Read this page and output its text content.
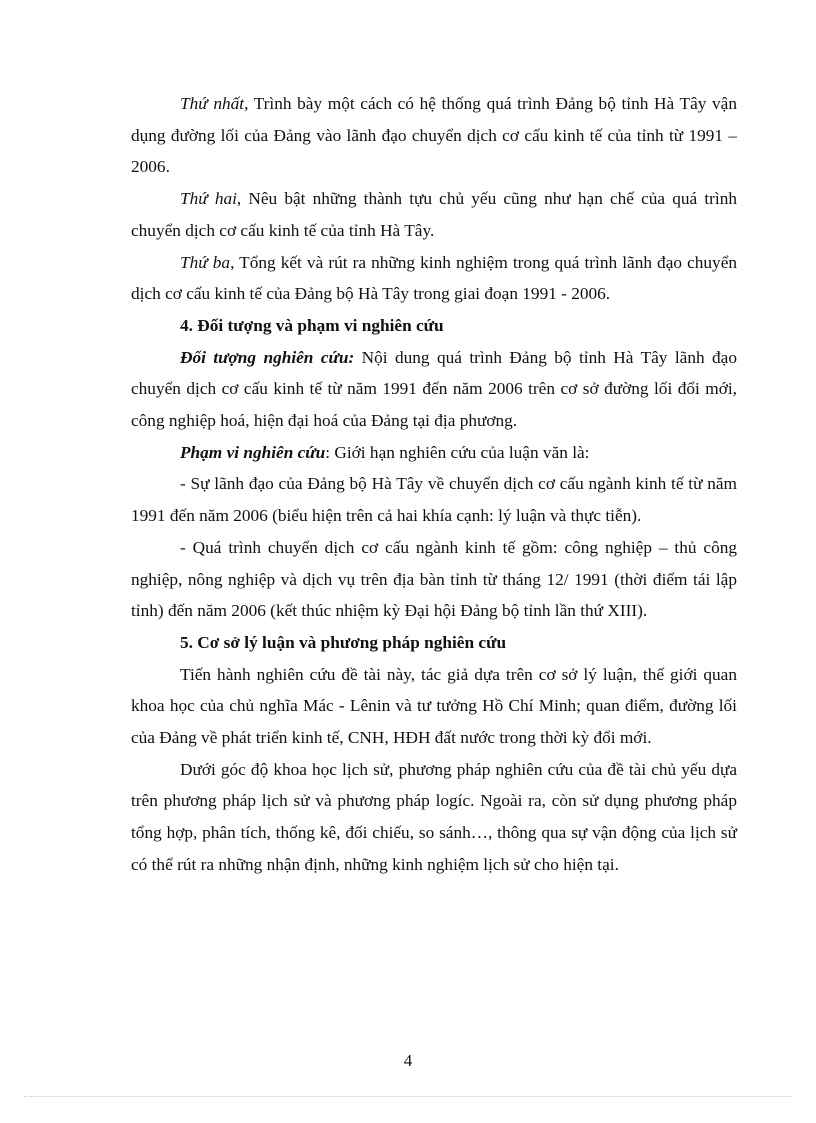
Thứ nhất, Trình bày một cách có hệ thống quá trình Đảng bộ tỉnh Hà Tây vận dụng đường lối của Đảng vào lãnh đạo chuyển dịch cơ cấu kinh tế của tỉnh từ 1991 – 2006.

Thứ hai, Nêu bật những thành tựu chủ yếu cũng như hạn chế của quá trình chuyển dịch cơ cấu kinh tế của tỉnh Hà Tây.

Thứ ba, Tổng kết và rút ra những kinh nghiệm trong quá trình lãnh đạo chuyển dịch cơ cấu kinh tế của Đảng bộ Hà Tây trong giai đoạn 1991 - 2006.

4. Đối tượng và phạm vi nghiên cứu

Đối tượng nghiên cứu: Nội dung quá trình Đảng bộ tỉnh Hà Tây lãnh đạo chuyển dịch cơ cấu kinh tế từ năm 1991 đến năm 2006 trên cơ sở đường lối đổi mới, công nghiệp hoá, hiện đại hoá của Đảng tại địa phương.

Phạm vi nghiên cứu: Giới hạn nghiên cứu của luận văn là:

- Sự lãnh đạo của Đảng bộ Hà Tây về chuyển dịch cơ cấu ngành kinh tế từ năm 1991 đến năm 2006 (biểu hiện trên cả hai khía cạnh: lý luận và thực tiễn).

- Quá trình chuyển dịch cơ cấu ngành kinh tế gồm: công nghiệp – thủ công nghiệp, nông nghiệp và dịch vụ trên địa bàn tỉnh từ tháng 12/ 1991 (thời điểm tái lập tỉnh) đến năm 2006 (kết thúc nhiệm kỳ Đại hội Đảng bộ tỉnh lần thứ XIII).

5. Cơ sở lý luận và phương pháp nghiên cứu

Tiến hành nghiên cứu đề tài này, tác giả dựa trên cơ sở lý luận, thế giới quan khoa học của chủ nghĩa Mác - Lênin và tư tưởng Hồ Chí Minh; quan điểm, đường lối của Đảng về phát triển kinh tế, CNH, HĐH đất nước trong thời kỳ đổi mới.

Dưới góc độ khoa học lịch sử, phương pháp nghiên cứu của đề tài chủ yếu dựa trên phương pháp lịch sử và phương pháp logíc. Ngoài ra, còn sử dụng phương pháp tổng hợp, phân tích, thống kê, đối chiếu, so sánh…, thông qua sự vận động của lịch sử có thể rút ra những nhận định, những kinh nghiệm lịch sử cho hiện tại.

4
